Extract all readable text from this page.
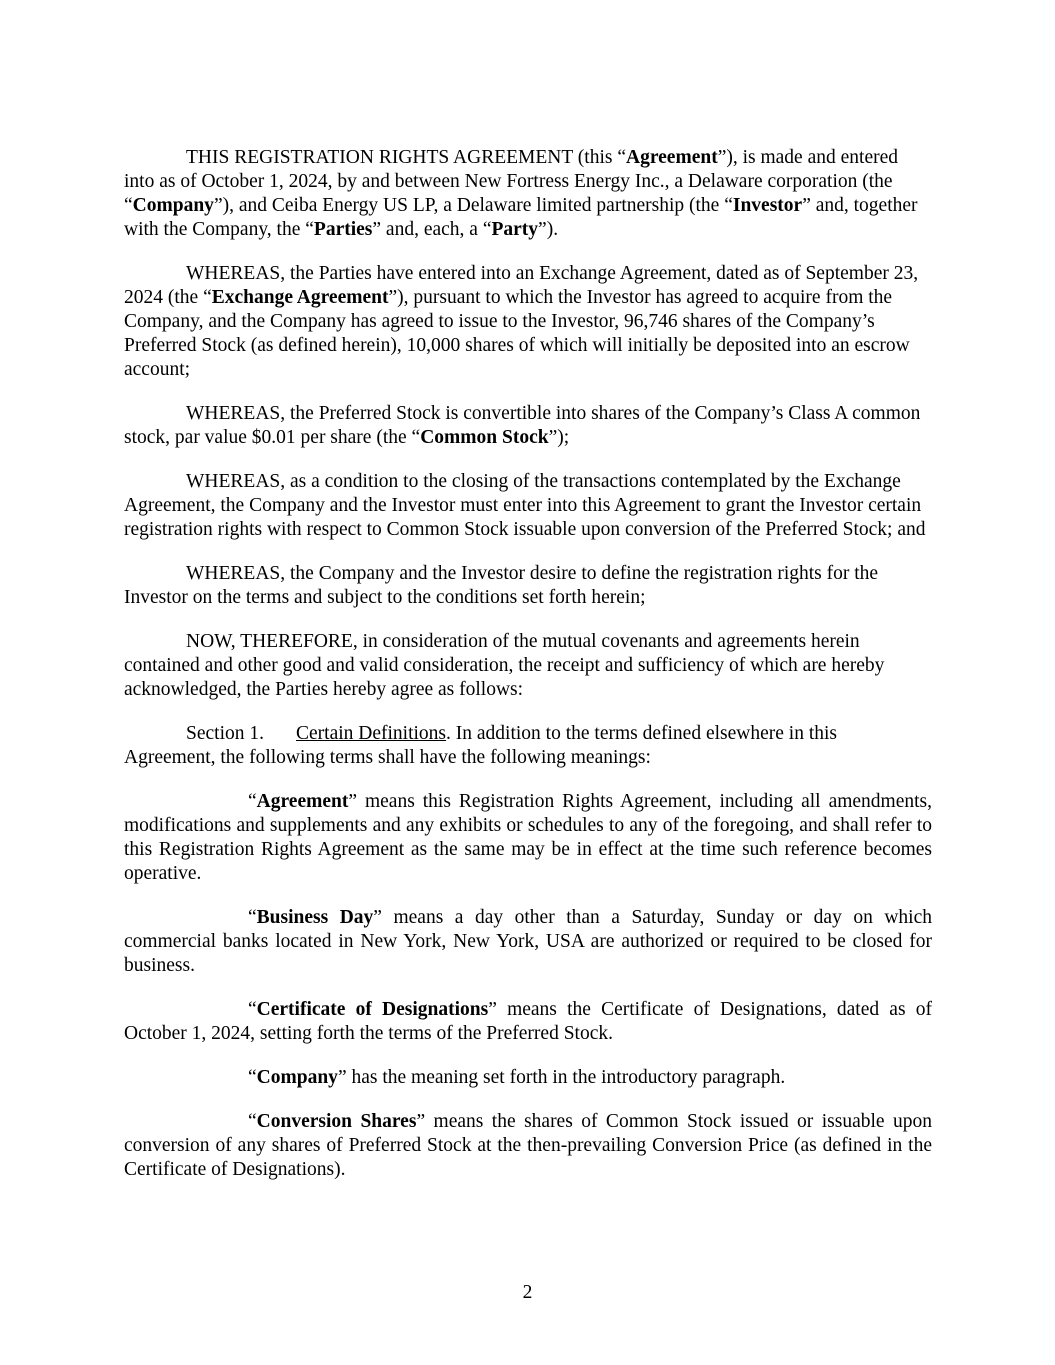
THIS REGISTRATION RIGHTS AGREEMENT (this “Agreement”), is made and entered into as of October 1, 2024, by and between New Fortress Energy Inc., a Delaware corporation (the “Company”), and Ceiba Energy US LP, a Delaware limited partnership (the “Investor” and, together with the Company, the “Parties” and, each, a “Party”).

WHEREAS, the Parties have entered into an Exchange Agreement, dated as of September 23, 2024 (the “Exchange Agreement”), pursuant to which the Investor has agreed to acquire from the Company, and the Company has agreed to issue to the Investor, 96,746 shares of the Company’s Preferred Stock (as defined herein), 10,000 shares of which will initially be deposited into an escrow account;

WHEREAS, the Preferred Stock is convertible into shares of the Company’s Class A common stock, par value $0.01 per share (the “Common Stock”);

WHEREAS, as a condition to the closing of the transactions contemplated by the Exchange Agreement, the Company and the Investor must enter into this Agreement to grant the Investor certain registration rights with respect to Common Stock issuable upon conversion of the Preferred Stock; and

WHEREAS, the Company and the Investor desire to define the registration rights for the Investor on the terms and subject to the conditions set forth herein;

NOW, THEREFORE, in consideration of the mutual covenants and agreements herein contained and other good and valid consideration, the receipt and sufficiency of which are hereby acknowledged, the Parties hereby agree as follows:

Section 1. Certain Definitions. In addition to the terms defined elsewhere in this Agreement, the following terms shall have the following meanings:

“Agreement” means this Registration Rights Agreement, including all amendments, modifications and supplements and any exhibits or schedules to any of the foregoing, and shall refer to this Registration Rights Agreement as the same may be in effect at the time such reference becomes operative.

“Business Day” means a day other than a Saturday, Sunday or day on which commercial banks located in New York, New York, USA are authorized or required to be closed for business.

“Certificate of Designations” means the Certificate of Designations, dated as of October 1, 2024, setting forth the terms of the Preferred Stock.

“Company” has the meaning set forth in the introductory paragraph.

“Conversion Shares” means the shares of Common Stock issued or issuable upon conversion of any shares of Preferred Stock at the then-prevailing Conversion Price (as defined in the Certificate of Designations).

2
